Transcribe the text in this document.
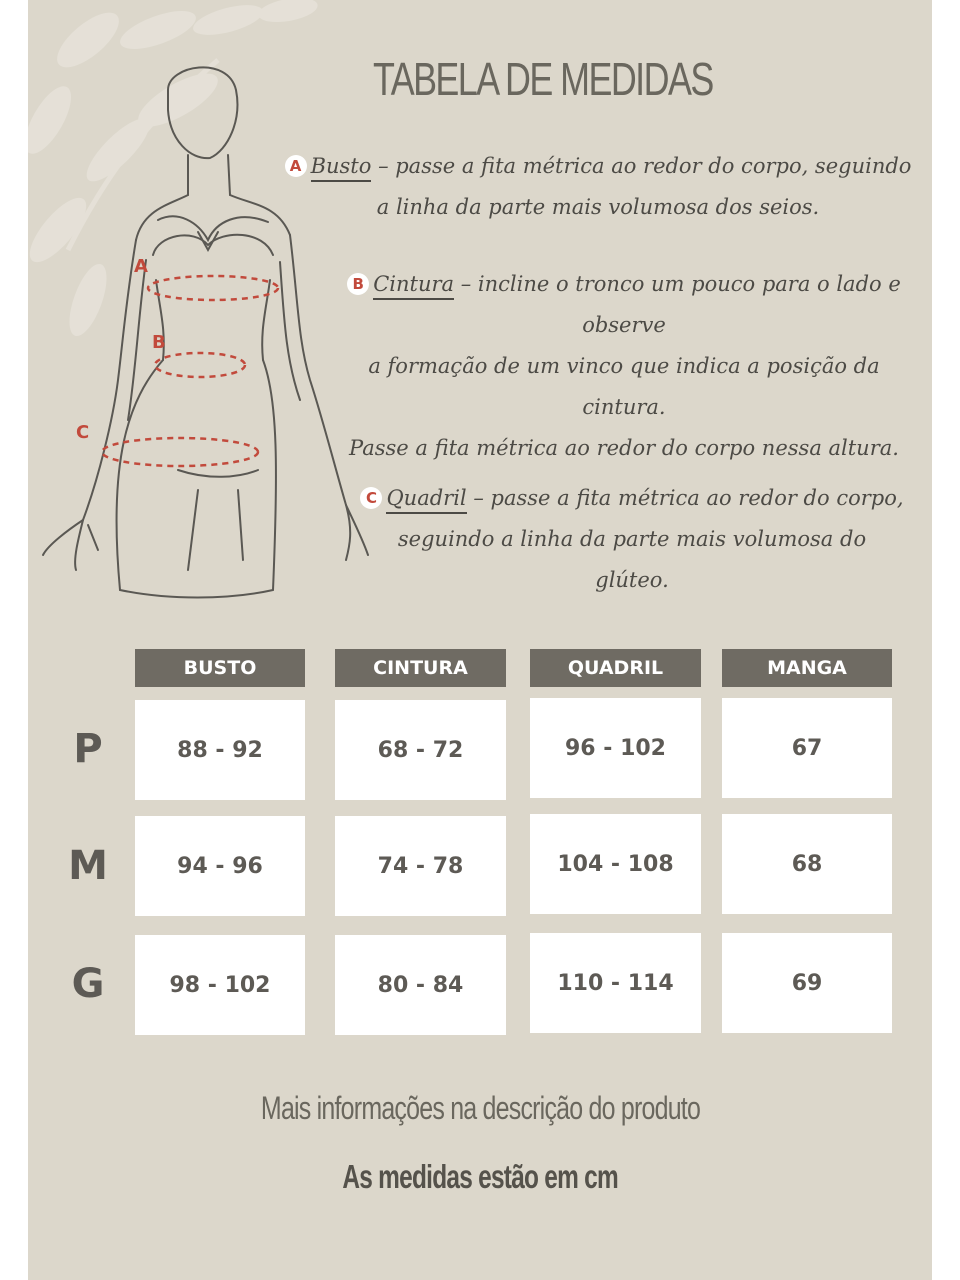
A
B
C
TABELA DE MEDIDAS
A Busto – passe a fita métrica ao redor do corpo, seguindo
a linha da parte mais volumosa dos seios.
B Cintura – incline o tronco um pouco para o lado e
observe
a formação de um vinco que indica a posição da cintura.
Passe a fita métrica ao redor do corpo nessa altura.
C Quadril – passe a fita métrica ao redor do corpo,
seguindo a linha da parte mais volumosa do
glúteo.
BUSTO	CINTURA	QUADRIL	MANGA
P	88 - 92	68 - 72	96 - 102	67
M	94 - 96	74 - 78	104 - 108	68
G	98 - 102	80 - 84	110 - 114	69
Mais informações na descrição do produto
As medidas estão em cm
